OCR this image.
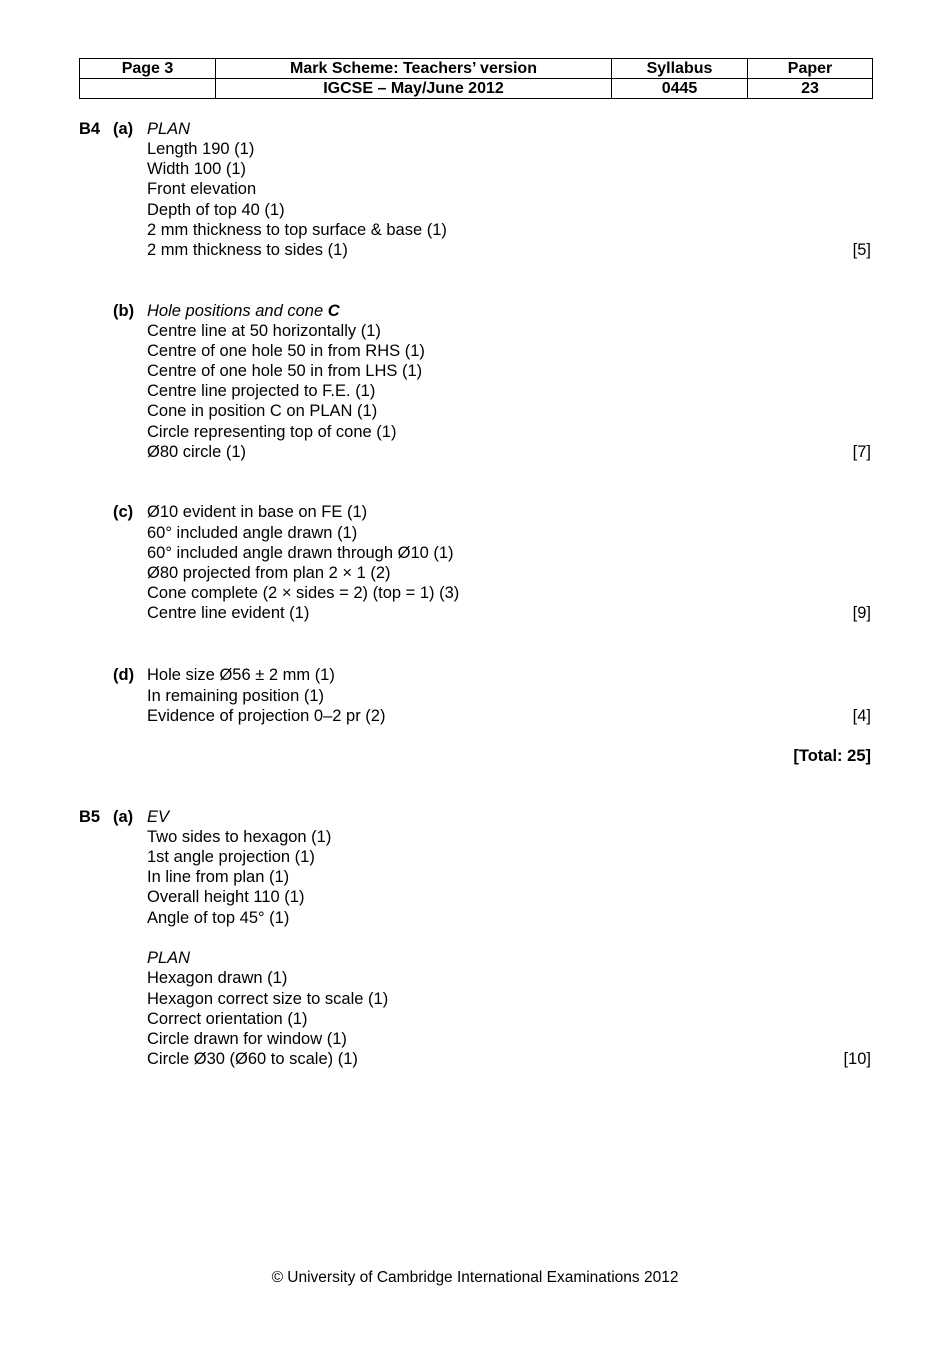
Page 3	Mark Scheme: Teachers’ version	Syllabus	Paper
	IGCSE – May/June 2012	0445	23
B4 (a) PLAN
Length 190 (1)
Width 100 (1)
Front elevation
Depth of top 40 (1)
2 mm thickness to top surface & base (1)
2 mm thickness to sides (1)	[5]
(b) Hole positions and cone C
Centre line at 50 horizontally (1)
Centre of one hole 50 in from RHS (1)
Centre of one hole 50 in from LHS (1)
Centre line projected to F.E. (1)
Cone in position C on PLAN (1)
Circle representing top of cone (1)
Ø80 circle (1)	[7]
(c) Ø10 evident in base on FE (1)
60° included angle drawn (1)
60° included angle drawn through Ø10 (1)
Ø80 projected from plan 2 × 1 (2)
Cone complete (2 × sides = 2) (top = 1) (3)
Centre line evident (1)	[9]
(d) Hole size Ø56 ± 2 mm (1)
In remaining position (1)
Evidence of projection 0–2 pr (2)	[4]
[Total: 25]
B5 (a) EV
Two sides to hexagon (1)
1st angle projection (1)
In line from plan (1)
Overall height 110 (1)
Angle of top 45° (1)
PLAN
Hexagon drawn (1)
Hexagon correct size to scale (1)
Correct orientation (1)
Circle drawn for window (1)
Circle Ø30 (Ø60 to scale) (1)	[10]
© University of Cambridge International Examinations 2012
